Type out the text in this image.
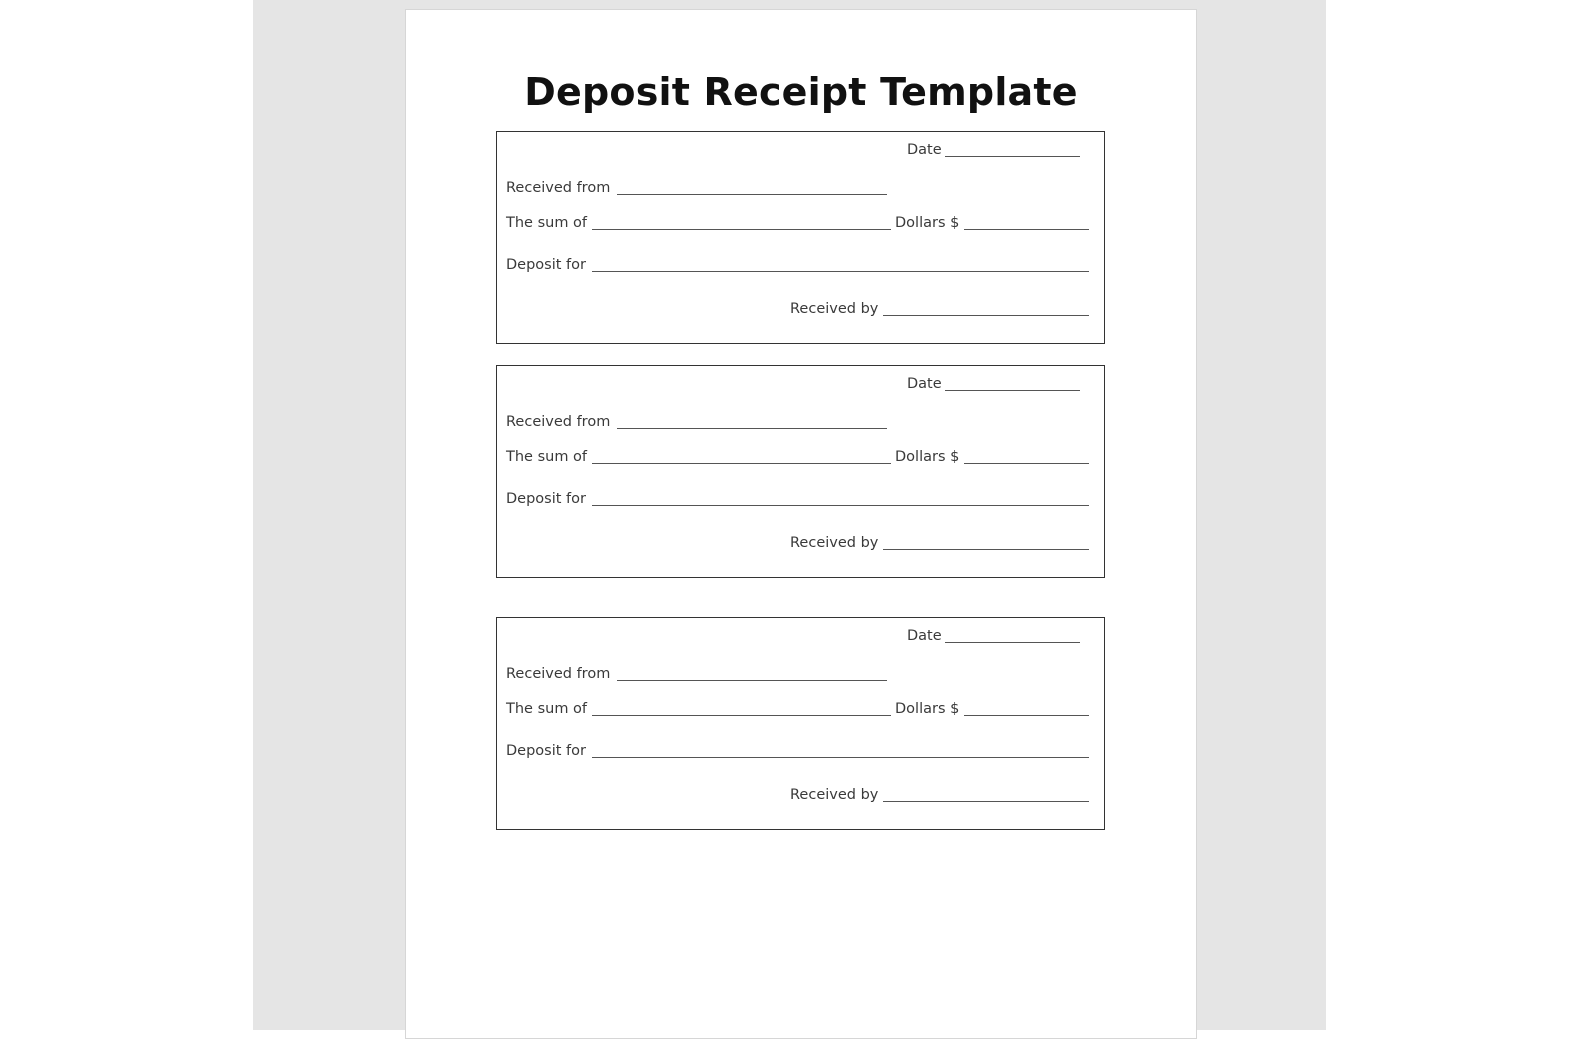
Deposit Receipt Template
Date
Received from
The sum of	Dollars $
Deposit for
Received by
Date
Received from
The sum of	Dollars $
Deposit for
Received by
Date
Received from
The sum of	Dollars $
Deposit for
Received by
